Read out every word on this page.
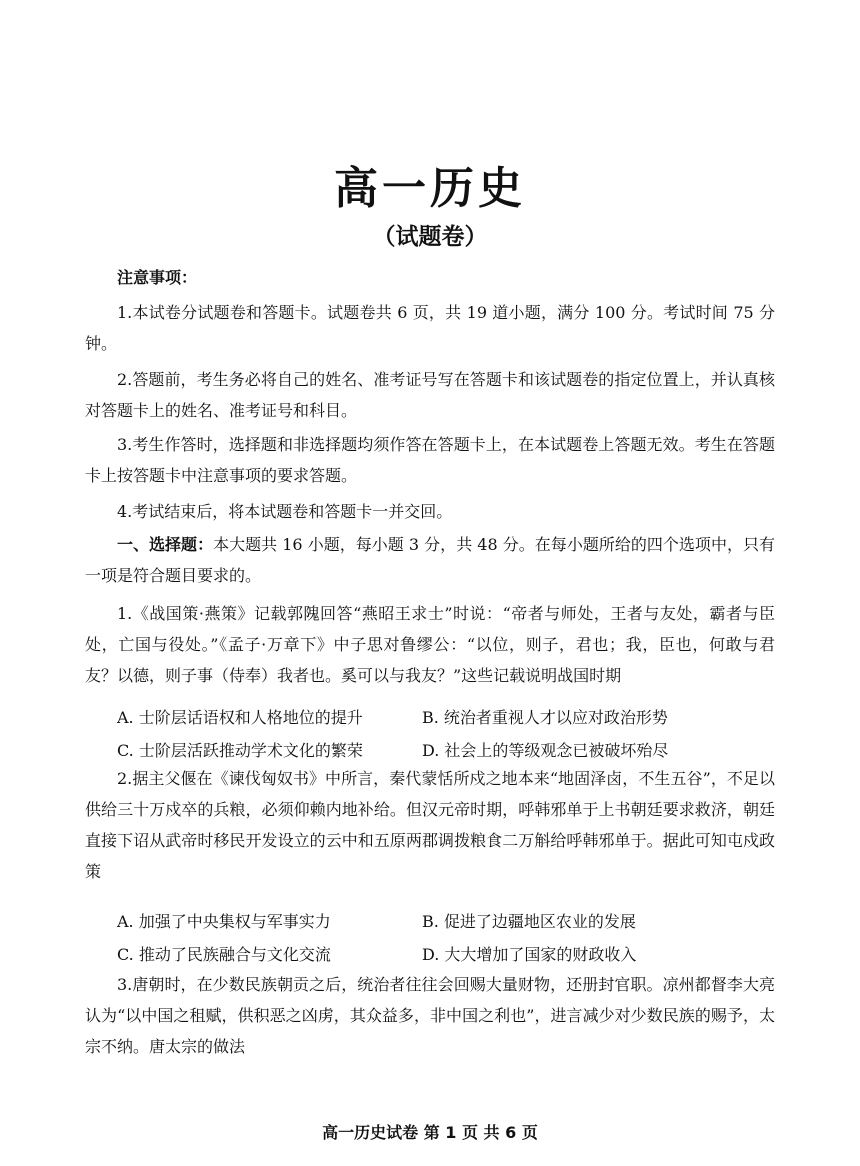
高一历史
（试题卷）

注意事项：

1.本试卷分试题卷和答题卡。试题卷共 6 页，共 19 道小题，满分 100 分。考试时间 75 分钟。

2.答题前，考生务必将自己的姓名、准考证号写在答题卡和该试题卷的指定位置上，并认真核对答题卡上的姓名、准考证号和科目。

3.考生作答时，选择题和非选择题均须作答在答题卡上，在本试题卷上答题无效。考生在答题卡上按答题卡中注意事项的要求答题。

4.考试结束后，将本试题卷和答题卡一并交回。

一、选择题：本大题共 16 小题，每小题 3 分，共 48 分。在每小题所给的四个选项中，只有一项是符合题目要求的。

1.《战国策·燕策》记载郭隗回答“燕昭王求士”时说：“帝者与师处，王者与友处，霸者与臣处，亡国与役处。”《孟子·万章下》中子思对鲁缪公：“以位，则子，君也；我，臣也，何敢与君友？以德，则子事（侍奉）我者也。奚可以与我友？”这些记载说明战国时期

A. 士阶层话语权和人格地位的提升	B. 统治者重视人才以应对政治形势
C. 士阶层活跃推动学术文化的繁荣	D. 社会上的等级观念已被破坏殆尽

2.据主父偃在《谏伐匈奴书》中所言，秦代蒙恬所戍之地本来“地固泽卤，不生五谷”，不足以供给三十万戍卒的兵粮，必须仰赖内地补给。但汉元帝时期，呼韩邪单于上书朝廷要求救济，朝廷直接下诏从武帝时移民开发设立的云中和五原两郡调拨粮食二万斛给呼韩邪单于。据此可知屯戍政策

A. 加强了中央集权与军事实力	B. 促进了边疆地区农业的发展
C. 推动了民族融合与文化交流	D. 大大增加了国家的财政收入

3.唐朝时，在少数民族朝贡之后，统治者往往会回赐大量财物，还册封官职。凉州都督李大亮认为“以中国之租赋，供积恶之凶虏，其众益多，非中国之利也”，进言减少对少数民族的赐予，太宗不纳。唐太宗的做法

高一历史试卷 第 1 页 共 6 页
